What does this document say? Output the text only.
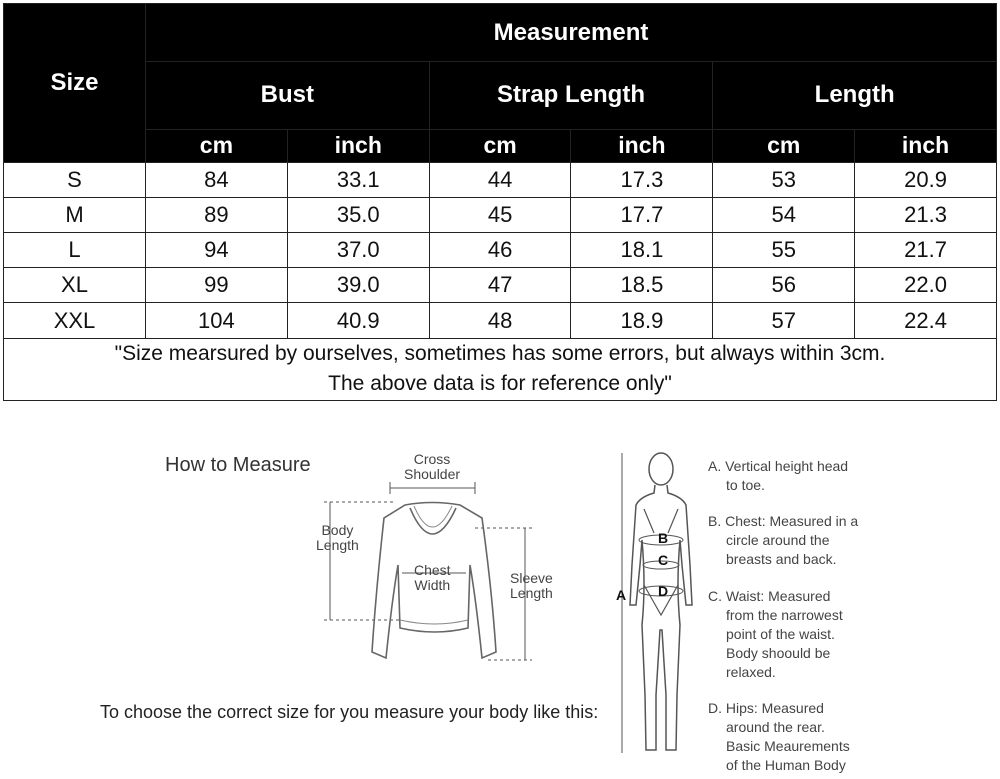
Size	Measurement					
	Bust		Strap Length		Length	
	cm	inch	cm	inch	cm	inch
S	84	33.1	44	17.3	53	20.9
M	89	35.0	45	17.7	54	21.3
L	94	37.0	46	18.1	55	21.7
XL	99	39.0	47	18.5	56	22.0
XXL	104	40.9	48	18.9	57	22.4

"Size mearsured by ourselves, sometimes has some errors, but always within 3cm.
The above data is for reference only"						
How to Measure	Cross
Shoulder
Body
Length
Chest
Width	Sleeve
Length
To choose the correct size for you measure your body like this:
A
B
C
D
A. Vertical height head
to toe.
B. Chest: Measured in a
circle around the
breasts and back.
C. Waist: Measured
from the narrowest
point of the waist.
Body shoould be
relaxed.
D. Hips: Measured
around the rear.
Basic Meaurements
of the Human Body
